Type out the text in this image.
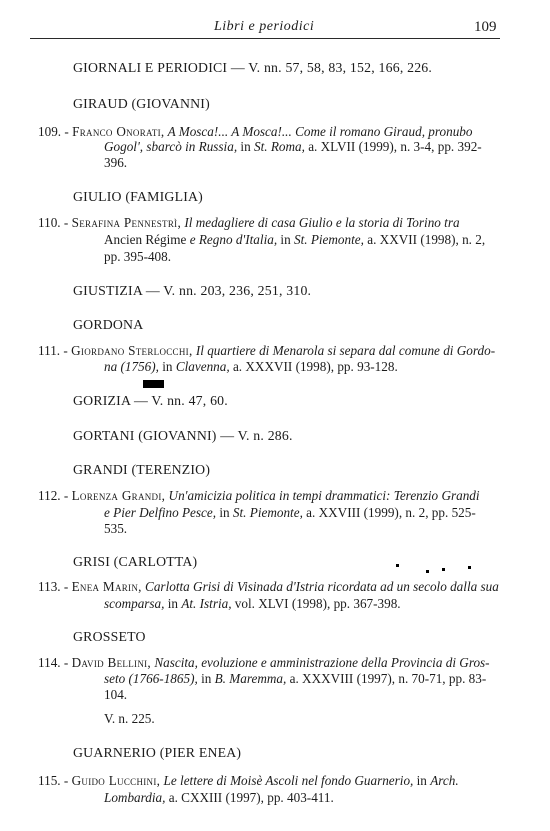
Libri e periodici	109
GIORNALI E PERIODICI — V. nn. 57, 58, 83, 152, 166, 226.
GIRAUD (GIOVANNI)
109. - Franco Onorati, A Mosca!... A Mosca!... Come il romano Giraud, pronubo
Gogol', sbarcò in Russia, in St. Roma, a. XLVII (1999), n. 3-4, pp. 392-
396.
GIULIO (FAMIGLIA)
110. - Serafina Pennestrì, Il medagliere di casa Giulio e la storia di Torino tra
Ancien Régime e Regno d'Italia, in St. Piemonte, a. XXVII (1998), n. 2,
pp. 395-408.
GIUSTIZIA — V. nn. 203, 236, 251, 310.
GORDONA
111. - Giordano Sterlocchi, Il quartiere di Menarola si separa dal comune di Gordo-
na (1756), in Clavenna, a. XXXVII (1998), pp. 93-128.
GORIZIA — V. nn. 47, 60.
GORTANI (GIOVANNI) — V. n. 286.
GRANDI (TERENZIO)
112. - Lorenza Grandi, Un'amicizia politica in tempi drammatici: Terenzio Grandi
e Pier Delfino Pesce, in St. Piemonte, a. XXVIII (1999), n. 2, pp. 525-
535.
GRISI (CARLOTTA)
113. - Enea Marin, Carlotta Grisi di Visinada d'Istria ricordata ad un secolo dalla sua
scomparsa, in At. Istria, vol. XLVI (1998), pp. 367-398.
GROSSETO
114. - David Bellini, Nascita, evoluzione e amministrazione della Provincia di Gros-
seto (1766-1865), in B. Maremma, a. XXXVIII (1997), n. 70-71, pp. 83-
104.
V. n. 225.
GUARNERIO (PIER ENEA)
115. - Guido Lucchini, Le lettere di Moisè Ascoli nel fondo Guarnerio, in Arch.
Lombardia, a. CXXIII (1997), pp. 403-411.
